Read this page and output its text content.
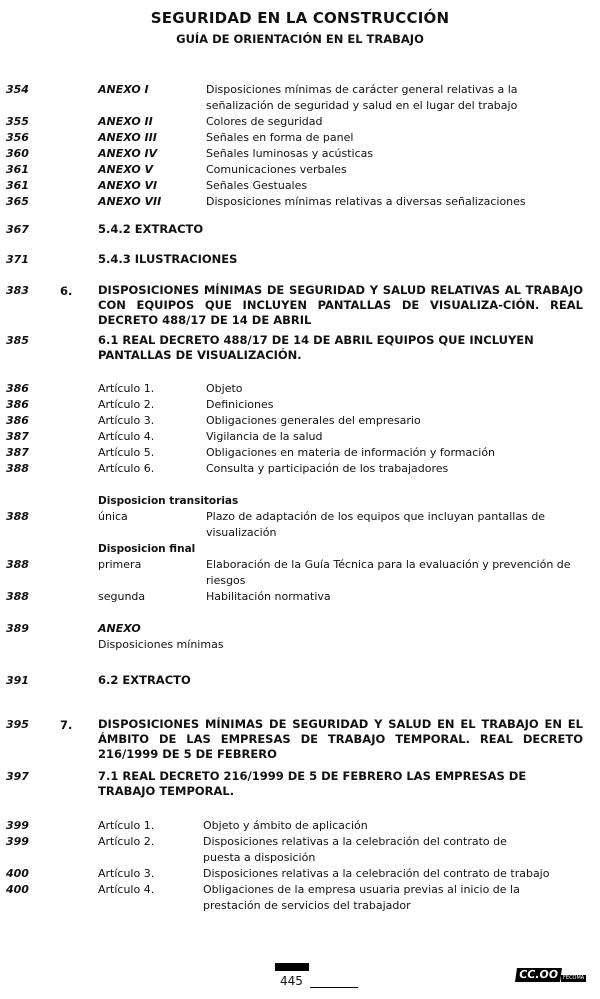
SEGURIDAD EN LA CONSTRUCCIÓN
GUÍA DE ORIENTACIÓN EN EL TRABAJO
354	ANEXO I	Disposiciones mínimas de carácter general relativas a la señalización de seguridad y salud en el lugar del trabajo
355	ANEXO II	Colores de seguridad
356	ANEXO III	Señales en forma de panel
360	ANEXO IV	Señales luminosas y acústicas
361	ANEXO V	Comunicaciones verbales
361	ANEXO VI	Señales Gestuales
365	ANEXO VII	Disposiciones mínimas relativas a diversas señalizaciones
367	5.4.2 EXTRACTO
371	5.4.3 ILUSTRACIONES
383	6. DISPOSICIONES MÍNIMAS DE SEGURIDAD Y SALUD RELATIVAS AL TRABAJO CON EQUIPOS QUE INCLUYEN PANTALLAS DE VISUALIZA-CIÓN. REAL DECRETO 488/17 DE 14 DE ABRIL
385	6.1 REAL DECRETO 488/17 DE 14 DE ABRIL EQUIPOS QUE INCLUYEN PANTALLAS DE VISUALIZACIÓN.
386	Artículo 1.	Objeto
386	Artículo 2.	Definiciones
386	Artículo 3.	Obligaciones generales del empresario
387	Artículo 4.	Vigilancia de la salud
387	Artículo 5.	Obligaciones en materia de información y formación
388	Artículo 6.	Consulta y participación de los trabajadores
Disposicion transitorias
388	única	Plazo de adaptación de los equipos que incluyan pantallas de visualización
Disposicion final
388	primera	Elaboración de la Guía Técnica para la evaluación y prevención de riesgos
388	segunda	Habilitación normativa
389	ANEXO
Disposiciones mínimas
391	6.2 EXTRACTO
395	7. DISPOSICIONES MÍNIMAS DE SEGURIDAD Y SALUD EN EL TRABAJO EN EL ÁMBITO DE LAS EMPRESAS DE TRABAJO TEMPORAL. REAL DECRETO 216/1999 DE 5 DE FEBRERO
397	7.1 REAL DECRETO 216/1999 DE 5 DE FEBRERO LAS EMPRESAS DE TRABAJO TEMPORAL.
399	Artículo 1.	Objeto y ámbito de aplicación
399	Artículo 2.	Disposiciones relativas a la celebración del contrato de puesta a disposición
400	Artículo 3.	Disposiciones relativas a la celebración del contrato de trabajo
400	Artículo 4.	Obligaciones de la empresa usuaria previas al inicio de la prestación de servicios del trabajador
445	CC.OO FECOMA
